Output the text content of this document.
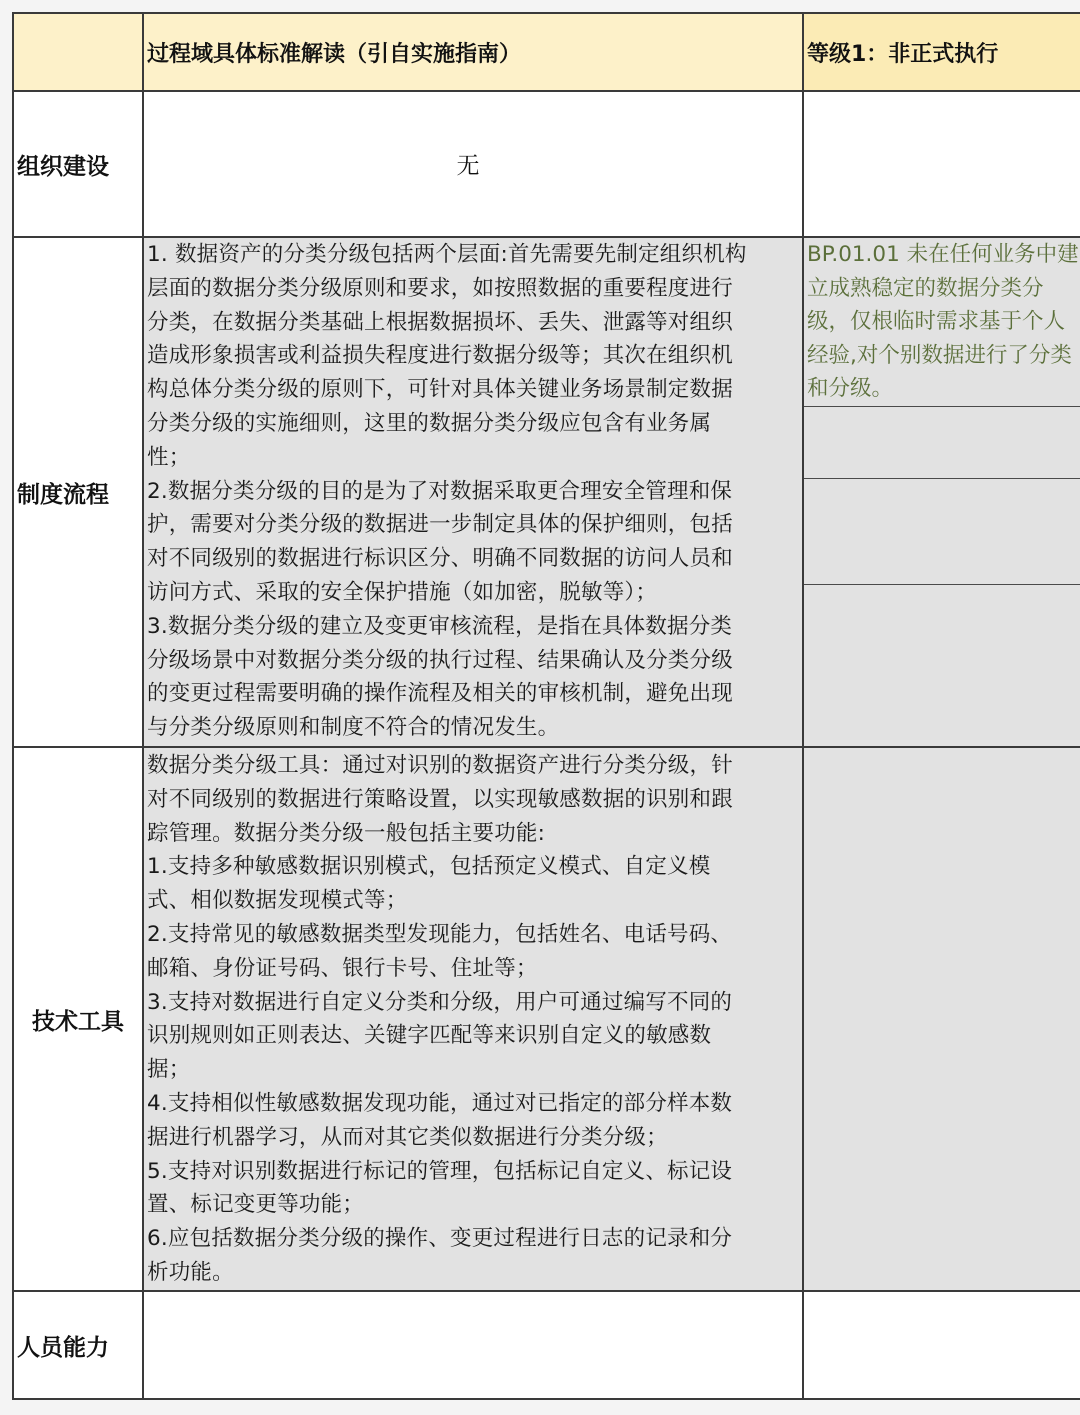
过程域具体标准解读（引自实施指南）	等级1：非正式执行
组织建设	无
制度流程
1. 数据资产的分类分级包括两个层面:首先需要先制定组织机构
层面的数据分类分级原则和要求，如按照数据的重要程度进行
分类，在数据分类基础上根据数据损坏、丢失、泄露等对组织
造成形象损害或利益损失程度进行数据分级等；其次在组织机
构总体分类分级的原则下，可针对具体关键业务场景制定数据
分类分级的实施细则，这里的数据分类分级应包含有业务属
性；
2.数据分类分级的目的是为了对数据采取更合理安全管理和保
护，需要对分类分级的数据进一步制定具体的保护细则，包括
对不同级别的数据进行标识区分、明确不同数据的访问人员和
访问方式、采取的安全保护措施（如加密，脱敏等）；
3.数据分类分级的建立及变更审核流程，是指在具体数据分类
分级场景中对数据分类分级的执行过程、结果确认及分类分级
的变更过程需要明确的操作流程及相关的审核机制，避免出现
与分类分级原则和制度不符合的情况发生。
BP.01.01 未在任何业务中建
立成熟稳定的数据分类分
级，仅根临时需求基于个人
经验,对个别数据进行了分类
和分级。
技术工具
数据分类分级工具：通过对识别的数据资产进行分类分级，针
对不同级别的数据进行策略设置，以实现敏感数据的识别和跟
踪管理。数据分类分级一般包括主要功能:
1.支持多种敏感数据识别模式，包括预定义模式、自定义模
式、相似数据发现模式等；
2.支持常见的敏感数据类型发现能力，包括姓名、电话号码、
邮箱、身份证号码、银行卡号、住址等；
3.支持对数据进行自定义分类和分级，用户可通过编写不同的
识别规则如正则表达、关键字匹配等来识别自定义的敏感数
据；
4.支持相似性敏感数据发现功能，通过对已指定的部分样本数
据进行机器学习，从而对其它类似数据进行分类分级；
5.支持对识别数据进行标记的管理，包括标记自定义、标记设
置、标记变更等功能；
6.应包括数据分类分级的操作、变更过程进行日志的记录和分
析功能。
人员能力
